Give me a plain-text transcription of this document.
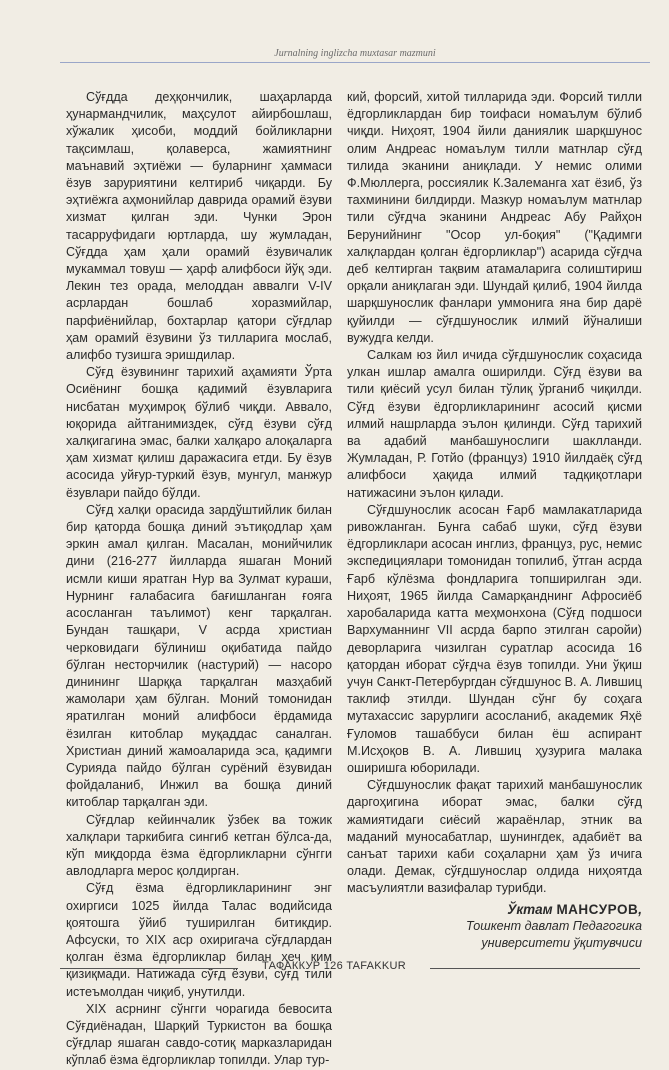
Jurnalning inglizcha muxtasar mazmuni

Сўғдда деҳқончилик, шаҳарларда ҳунармандчилик, маҳсулот айирбошлаш, хўжалик ҳисоби, моддий бойликларни тақсимлаш, қолаверса, жамиятнинг маънавий эҳтиёжи — буларнинг ҳаммаси ёзув заруриятини келтириб чиқарди. Бу эҳтиёжга аҳмонийлар даврида орамий ёзуви хизмат қилган эди. Чунки Эрон тасарруфидаги юртларда, шу жумладан, Сўғдда ҳам ҳали орамий ёзувичалик мукаммал товуш — ҳарф алифбоси йўқ эди. Лекин тез орада, мелоддан аввалги V-IV асрлардан бошлаб хоразмийлар, парфиёнийлар, бохтарлар қатори сўғдлар ҳам орамий ёзувини ўз тилларига мослаб, алифбо тузишга эришдилар.

Сўғд ёзувининг тарихий аҳамияти Ўрта Осиёнинг бошқа қадимий ёзувларига нисбатан муҳимроқ бўлиб чиқди. Аввало, юқорида айтганимиздек, сўғд ёзуви сўғд халқигагина эмас, балки халқаро алоқаларга ҳам хизмат қилиш даражасига етди. Бу ёзув асосида уйғур-туркий ёзув, мунгул, манжур ёзувлари пайдо бўлди.

Сўғд халқи орасида зардўштийлик билан бир қаторда бошқа диний эътиқодлар ҳам эркин амал қилган. Масалан, монийчилик дини (216-277 йилларда яшаган Моний исмли киши яратган Нур ва Зулмат кураши, Нурнинг ғалабасига бағишланган ғояга асосланган таълимот) кенг тарқалган. Бундан ташқари, V асрда христиан черковидаги бўлиниш оқибатида пайдо бўлган несторчилик (настурий) — насоро динининг Шарққа тарқалган мазҳабий жамолари ҳам бўлган. Моний томонидан яратилган моний алифбоси ёрдамида ёзилган китоблар муқаддас саналган. Христиан диний жамоаларида эса, қадимги Сурияда пайдо бўлган сурёний ёзувидан фойдаланиб, Инжил ва бошқа диний китоблар тарқалган эди.

Сўғдлар кейинчалик ўзбек ва тожик халқлари таркибига сингиб кетган бўлса-да, кўп миқдорда ёзма ёдгорликларни сўнгги авлодларга мерос қолдирган.

Сўғд ёзма ёдгорликларининг энг охиргиси 1025 йилда Талас водийсида қоятошга ўйиб туширилган битикдир. Афсуски, то XIX аср охиригача сўғдлардан қолган ёзма ёдгорликлар билан ҳеч ким қизиқмади. Натижада сўғд ёзуви, сўғд тили истеъмолдан чиқиб, унутилди.

XIX асрнинг сўнгги чорагида бевосита Сўғдиёнадан, Шарқий Туркистон ва бошқа сўғдлар яшаган савдо-сотиқ марказларидан кўплаб ёзма ёдгорликлар топилди. Улар тур-

кий, форсий, хитой тилларида эди. Форсий тилли ёдгорликлардан бир тоифаси номаълум бўлиб чиқди. Ниҳоят, 1904 йили даниялик шарқшунос олим Андреас номаълум тилли матнлар сўғд тилида эканини аниқлади. У немис олими Ф.Мюллерга, россиялик К.Залеманга хат ёзиб, ўз тахминини билдирди. Мазкур номаълум матнлар тили сўғдча эканини Андреас Абу Райҳон Берунийнинг "Осор ул-боқия" ("Қадимги халқлардан қолган ёдгорликлар") асарида сўғдча деб келтирган тақвим атамаларига солиштириш орқали аниқлаган эди. Шундай қилиб, 1904 йилда шарқшунослик фанлари уммонига яна бир дарё қуйилди — сўғдшунослик илмий йўналиши вужудга келди.

Салкам юз йил ичида сўғдшунослик соҳасида улкан ишлар амалга оширилди. Сўғд ёзуви ва тили қиёсий усул билан тўлиқ ўрганиб чиқилди. Сўғд ёзуви ёдгорликларининг асосий қисми илмий нашрларда эълон қилинди. Сўғд тарихий ва адабий манбашунослиги шаклланди. Жумладан, Р. Готйо (француз) 1910 йилдаёқ сўғд алифбоси ҳақида илмий тадқиқотлари натижасини эълон қилади.

Сўғдшунослик асосан Ғарб мамлакатларида ривожланган. Бунга сабаб шуки, сўғд ёзуви ёдгорликлари асосан инглиз, француз, рус, немис экспедициялари томонидан топилиб, ўтган асрда Ғарб кўлёзма фондларига топширилган эди. Ниҳоят, 1965 йилда Самарқанднинг Афросиёб харобаларида катта меҳмонхона (Сўғд подшоси Вархуманнинг VII асрда барпо этилган саройи) деворларига чизилган суратлар асосида 16 қатордан иборат сўғдча ёзув топилди. Уни ўқиш учун Санкт-Петербургдан сўғдшунос В. А. Лившиц таклиф этилди. Шундан сўнг бу соҳага мутахассис зарурлиги асосланиб, академик Яҳё Ғуломов ташаббуси билан ёш аспирант М.Исҳоқов В. А. Лившиц ҳузурига малака оширишга юборилади.

Сўғдшунослик фақат тарихий манбашунослик даргоҳигина иборат эмас, балки сўғд жамиятидаги сиёсий жараёнлар, этник ва маданий муносабатлар, шунингдек, адабиёт ва санъат тарихи каби соҳаларни ҳам ўз ичига олади. Демак, сўғдшунослар олдида ниҳоятда масъулиятли вазифалар турибди.

Ўктам МАНСУРОВ,
Тошкент давлат Педагогика
университети ўқитувчиси
ТАФАККУР 126 TAFAKKUR
